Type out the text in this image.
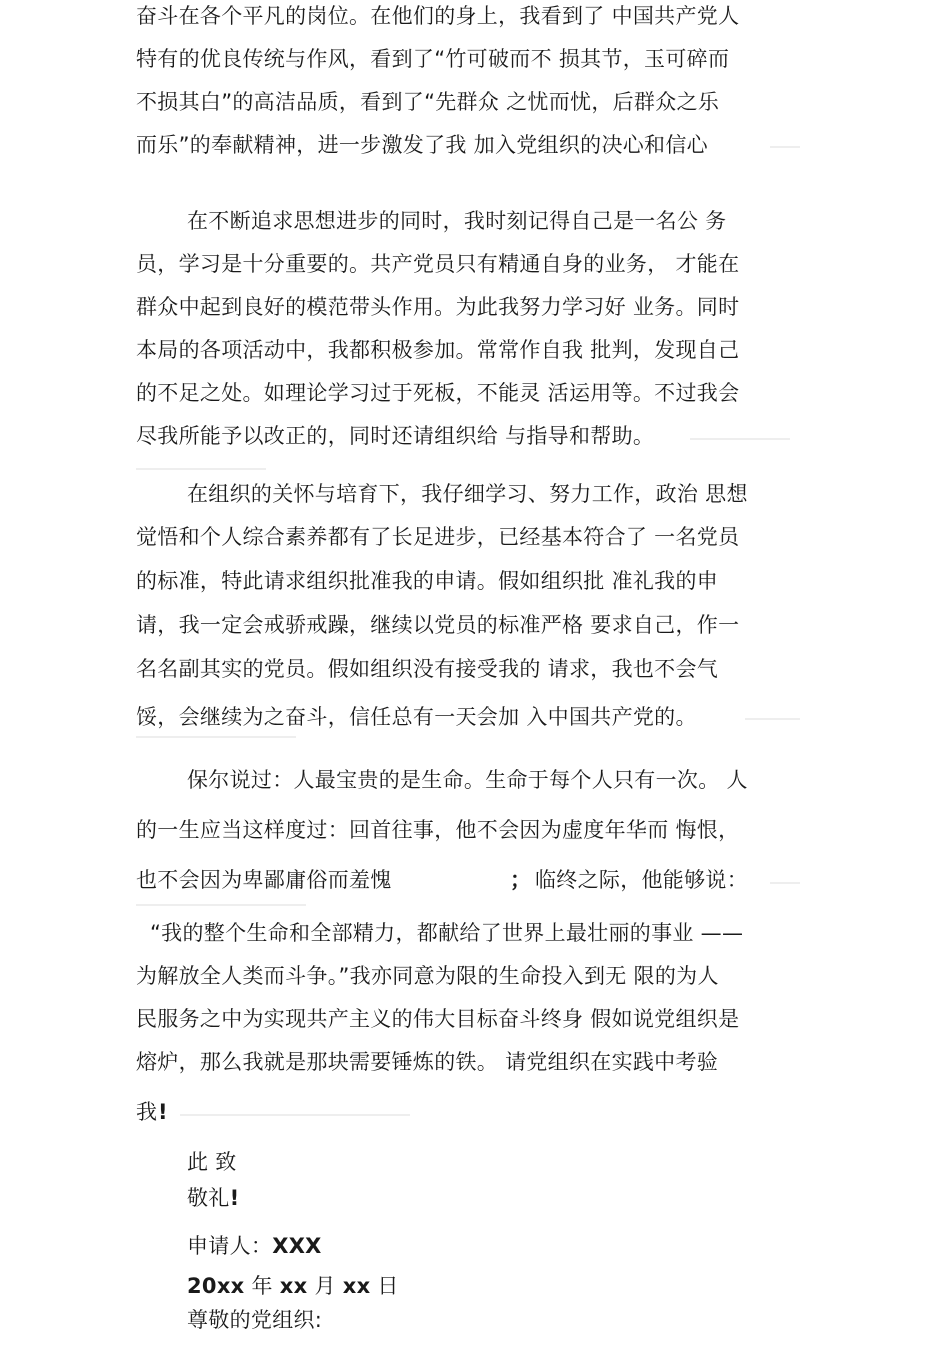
奋斗在各个平凡的岗位。在他们的身上，我看到了 中国共产党人
特有的优良传统与作风，看到了“竹可破而不 损其节，玉可碎而
不损其白”的高洁品质，看到了“先群众 之忧而忧，后群众之乐
而乐”的奉献精神，进一步激发了我 加入党组织的决心和信心
在不断追求思想进步的同时，我时刻记得自己是一名公 务
员，学习是十分重要的。共产党员只有精通自身的业务， 才能在
群众中起到良好的模范带头作用。为此我努力学习好 业务。同时
本局的各项活动中，我都积极参加。常常作自我 批判，发现自己
的不足之处。如理论学习过于死板，不能灵 活运用等。不过我会
尽我所能予以改正的，同时还请组织给 与指导和帮助。
在组织的关怀与培育下，我仔细学习、努力工作，政治 思想
觉悟和个人综合素养都有了长足进步，已经基本符合了 一名党员
的标准，特此请求组织批准我的申请。假如组织批 准礼我的申
请，我一定会戒骄戒躁，继续以党员的标准严格 要求自己，作一
名名副其实的党员。假如组织没有接受我的 请求，我也不会气
馁，会继续为之奋斗，信任总有一天会加 入中国共产党的。
保尔说过：人最宝贵的是生命。生命于每个人只有一次。 人
的一生应当这样度过：回首往事，他不会因为虚度年华而 悔恨，
也不会因为卑鄙庸俗而羞愧	； 临终之际，他能够说：
“我的整个生命和全部精力，都献给了世界上最壮丽的事业 ——
为解放全人类而斗争。”我亦同意为限的生命投入到无 限的为人
民服务之中为实现共产主义的伟大目标奋斗终身 假如说党组织是
熔炉，那么我就是那块需要锤炼的铁。 请党组织在实践中考验
我 !
此 致
敬礼!
申请人：XXX
20xx 年 xx 月 xx 日
尊敬的党组织:
